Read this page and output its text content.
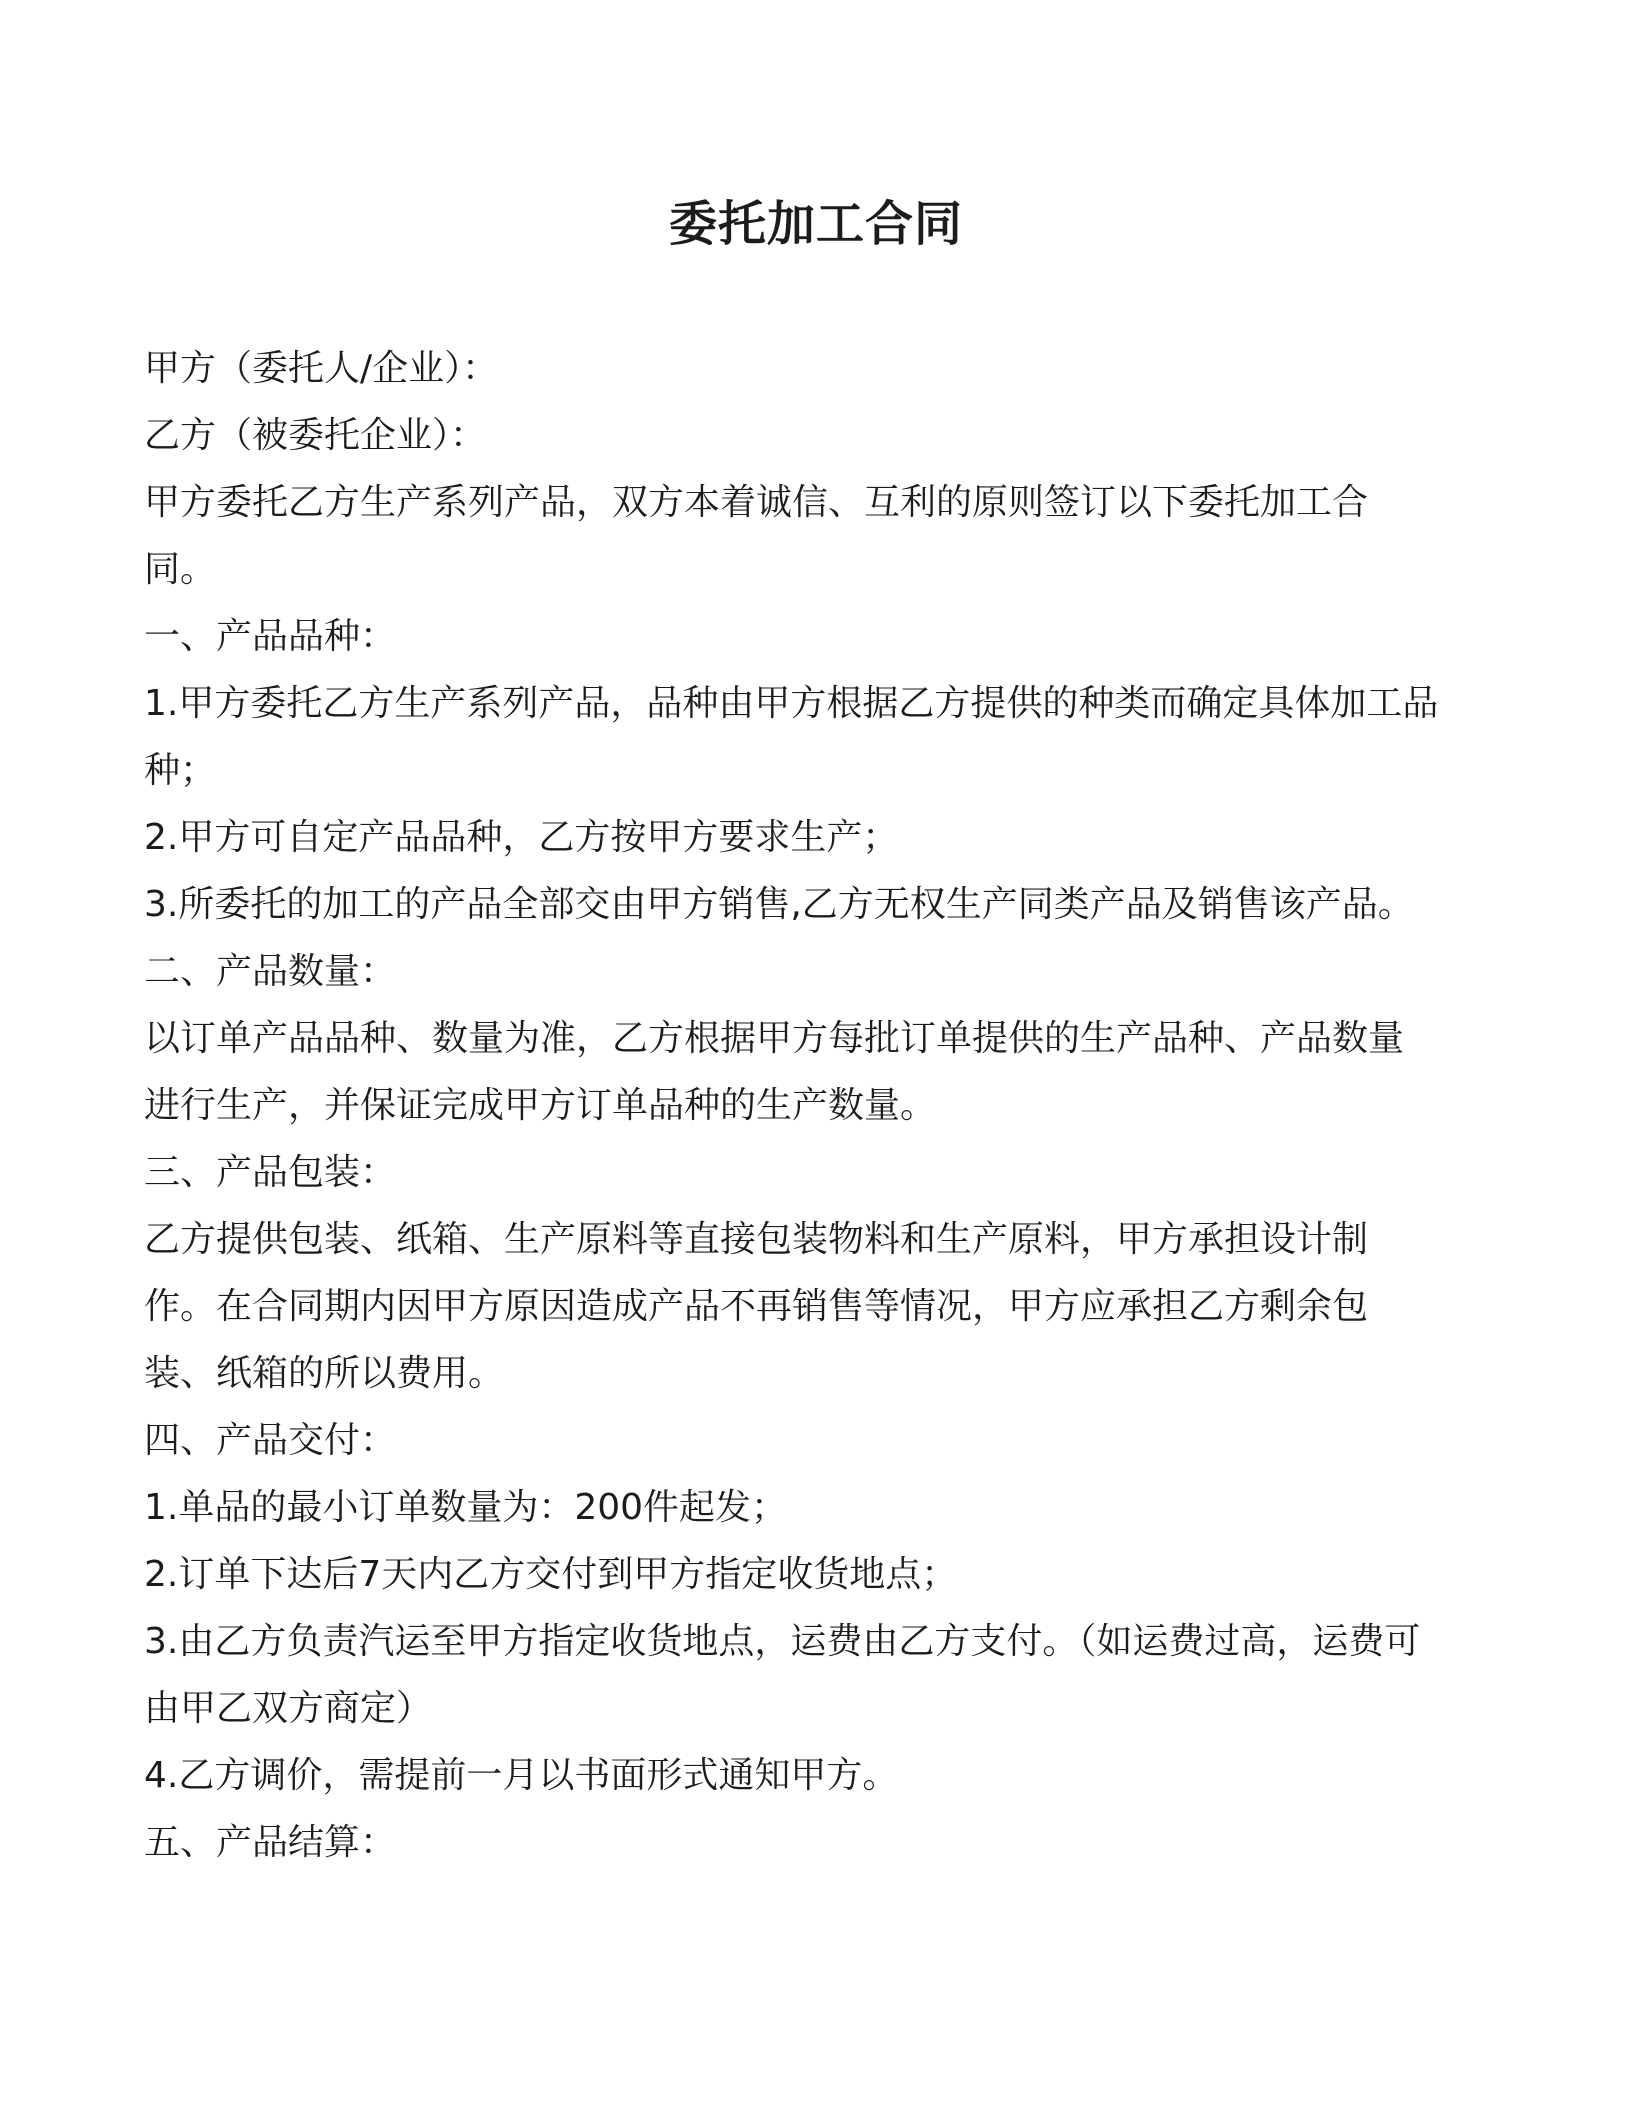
委托加工合同
甲方（委托人/企业）：
乙方（被委托企业）：
甲方委托乙方生产系列产品，双方本着诚信、互利的原则签订以下委托加工合
同。
一、产品品种：
1.甲方委托乙方生产系列产品，品种由甲方根据乙方提供的种类而确定具体加工品
种；
2.甲方可自定产品品种，乙方按甲方要求生产；
3.所委托的加工的产品全部交由甲方销售,乙方无权生产同类产品及销售该产品。
二、产品数量：
以订单产品品种、数量为准，乙方根据甲方每批订单提供的生产品种、产品数量
进行生产，并保证完成甲方订单品种的生产数量。
三、产品包装：
乙方提供包装、纸箱、生产原料等直接包装物料和生产原料，甲方承担设计制
作。在合同期内因甲方原因造成产品不再销售等情况，甲方应承担乙方剩余包
装、纸箱的所以费用。
四、产品交付：
1.单品的最小订单数量为：200件起发；
2.订单下达后7天内乙方交付到甲方指定收货地点；
3.由乙方负责汽运至甲方指定收货地点，运费由乙方支付。（如运费过高，运费可
由甲乙双方商定）
4.乙方调价，需提前一月以书面形式通知甲方。
五、产品结算：
